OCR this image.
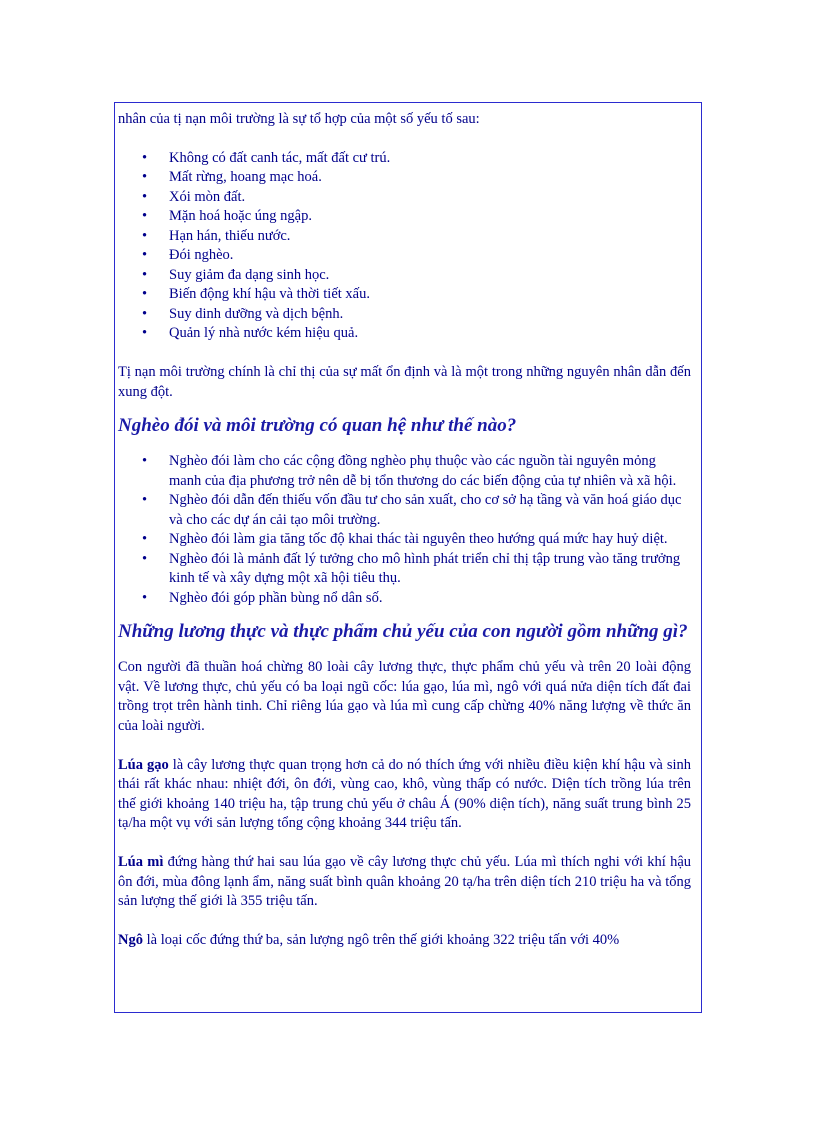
nhân của tị nạn môi trường là sự tổ hợp của một số yếu tố sau:

• Không có đất canh tác, mất đất cư trú.
• Mất rừng, hoang mạc hoá.
• Xói mòn đất.
• Mặn hoá hoặc úng ngập.
• Hạn hán, thiếu nước.
• Đói nghèo.
• Suy giảm đa dạng sinh học.
• Biến động khí hậu và thời tiết xấu.
• Suy dinh dưỡng và dịch bệnh.
• Quản lý nhà nước kém hiệu quả.

Tị nạn môi trường chính là chỉ thị của sự mất ổn định và là một trong những nguyên nhân dẫn đến xung đột.

Nghèo đói và môi trường có quan hệ như thế nào?
• Nghèo đói làm cho các cộng đồng nghèo phụ thuộc vào các nguồn tài nguyên mỏng manh của địa phương trở nên dễ bị tổn thương do các biến động của tự nhiên và xã hội.
• Nghèo đói dẫn đến thiếu vốn đầu tư cho sản xuất, cho cơ sở hạ tầng và văn hoá giáo dục và cho các dự án cải tạo môi trường.
• Nghèo đói làm gia tăng tốc độ khai thác tài nguyên theo hướng quá mức hay huỷ diệt.
• Nghèo đói là mảnh đất lý tưởng cho mô hình phát triển chỉ thị tập trung vào tăng trưởng kinh tế và xây dựng một xã hội tiêu thụ.
• Nghèo đói góp phần bùng nổ dân số.
Những lương thực và thực phẩm chủ yếu của con người gồm những gì?

Con người đã thuần hoá chừng 80 loài cây lương thực, thực phẩm chủ yếu và trên 20 loài động vật. Về lương thực, chủ yếu có ba loại ngũ cốc: lúa gạo, lúa mì, ngô với quá nửa diện tích đất đai trồng trọt trên hành tinh. Chỉ riêng lúa gạo và lúa mì cung cấp chừng 40% năng lượng về thức ăn của loài người.

Lúa gạo là cây lương thực quan trọng hơn cả do nó thích ứng với nhiều điều kiện khí hậu và sinh thái rất khác nhau: nhiệt đới, ôn đới, vùng cao, khô, vùng thấp có nước. Diện tích trồng lúa trên thế giới khoảng 140 triệu ha, tập trung chủ yếu ở châu Á (90% diện tích), năng suất trung bình 25 tạ/ha một vụ với sản lượng tổng cộng khoảng 344 triệu tấn.

Lúa mì đứng hàng thứ hai sau lúa gạo về cây lương thực chủ yếu. Lúa mì thích nghi với khí hậu ôn đới, mùa đông lạnh ẩm, năng suất bình quân khoảng 20 tạ/ha trên diện tích 210 triệu ha và tổng sản lượng thế giới là 355 triệu tấn.

Ngô là loại cốc đứng thứ ba, sản lượng ngô trên thế giới khoảng 322 triệu tấn với 40%
